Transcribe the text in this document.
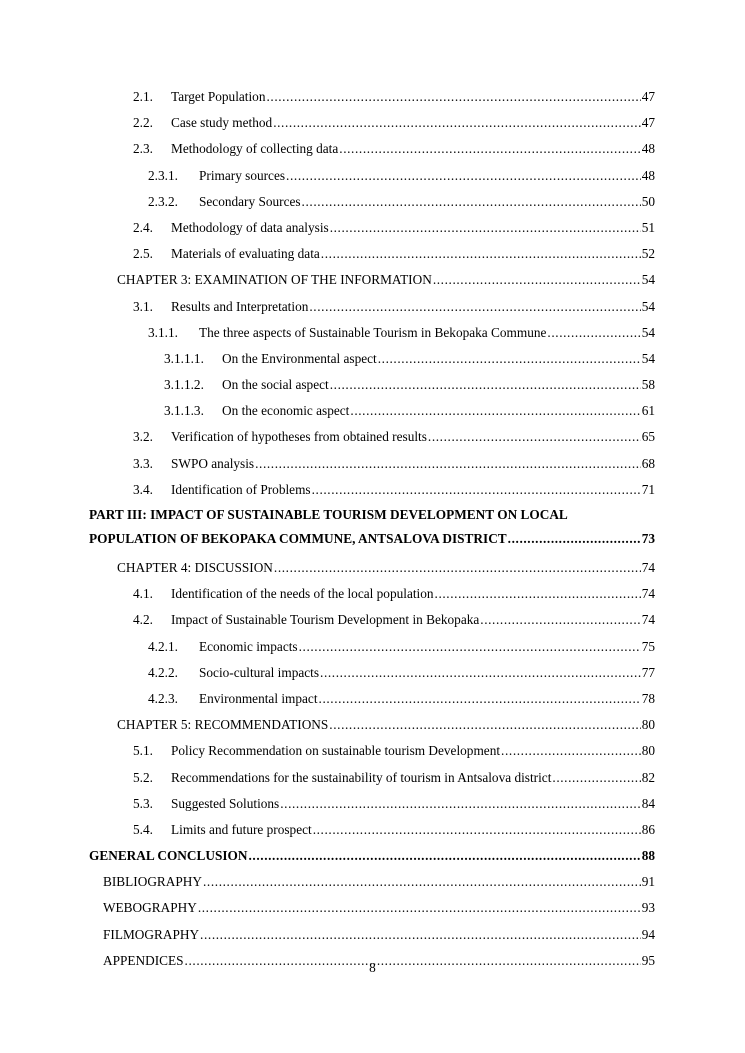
2.1.	Target Population .....	47
2.2.	Case study method .....	47
2.3.	Methodology of collecting data .....	48
2.3.1.	Primary sources .....	48
2.3.2.	Secondary Sources .....	50
2.4.	Methodology of data analysis .....	51
2.5.	Materials of evaluating data .....	52
CHAPTER 3: EXAMINATION OF THE INFORMATION .....	54
3.1.	Results and Interpretation .....	54
3.1.1.	The three aspects of Sustainable Tourism in Bekopaka Commune .....	54
3.1.1.1.	On the Environmental aspect .....	54
3.1.1.2.	On the social aspect .....	58
3.1.1.3.	On the economic aspect .....	61
3.2.	Verification of hypotheses from obtained results .....	65
3.3.	SWPO analysis .....	68
3.4.	Identification of Problems .....	71
PART III: IMPACT OF SUSTAINABLE TOURISM DEVELOPMENT ON LOCAL
POPULATION OF BEKOPAKA COMMUNE, ANTSALOVA DISTRICT .....	73
CHAPTER 4: DISCUSSION .....	74
4.1.	Identification of the needs of the local population .....	74
4.2.	Impact of Sustainable Tourism Development in Bekopaka .....	74
4.2.1.	Economic impacts .....	75
4.2.2.	Socio-cultural impacts .....	77
4.2.3.	Environmental impact .....	78
CHAPTER 5: RECOMMENDATIONS .....	80
5.1.	Policy Recommendation on sustainable tourism Development .....	80
5.2.	Recommendations for the sustainability of tourism in Antsalova district .....	82
5.3.	Suggested Solutions .....	84
5.4.	Limits and future prospect .....	86
GENERAL CONCLUSION .....	88
BIBLIOGRAPHY .....	91
WEBOGRAPHY .....	93
FILMOGRAPHY .....	94
APPENDICES .....	95
8
